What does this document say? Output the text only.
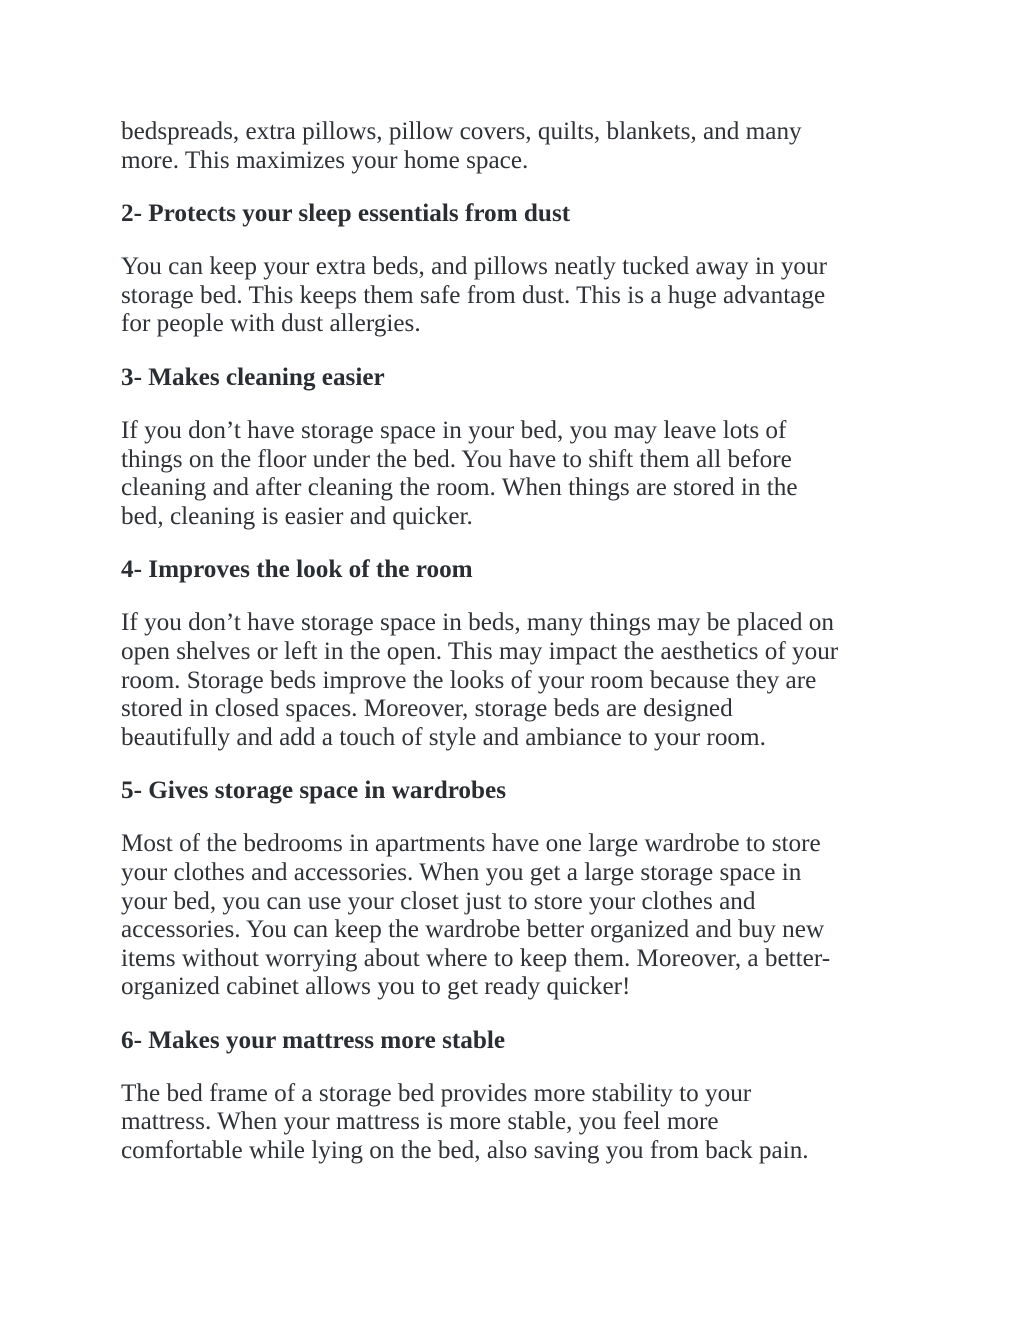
bedspreads, extra pillows, pillow covers, quilts, blankets, and many
more. This maximizes your home space.

2- Protects your sleep essentials from dust

You can keep your extra beds, and pillows neatly tucked away in your
storage bed. This keeps them safe from dust. This is a huge advantage
for people with dust allergies.

3- Makes cleaning easier

If you don’t have storage space in your bed, you may leave lots of
things on the floor under the bed. You have to shift them all before
cleaning and after cleaning the room. When things are stored in the
bed, cleaning is easier and quicker.

4- Improves the look of the room

If you don’t have storage space in beds, many things may be placed on
open shelves or left in the open. This may impact the aesthetics of your
room. Storage beds improve the looks of your room because they are
stored in closed spaces. Moreover, storage beds are designed
beautifully and add a touch of style and ambiance to your room.

5- Gives storage space in wardrobes

Most of the bedrooms in apartments have one large wardrobe to store
your clothes and accessories. When you get a large storage space in
your bed, you can use your closet just to store your clothes and
accessories. You can keep the wardrobe better organized and buy new
items without worrying about where to keep them. Moreover, a better-
organized cabinet allows you to get ready quicker!

6- Makes your mattress more stable

The bed frame of a storage bed provides more stability to your
mattress. When your mattress is more stable, you feel more
comfortable while lying on the bed, also saving you from back pain.
